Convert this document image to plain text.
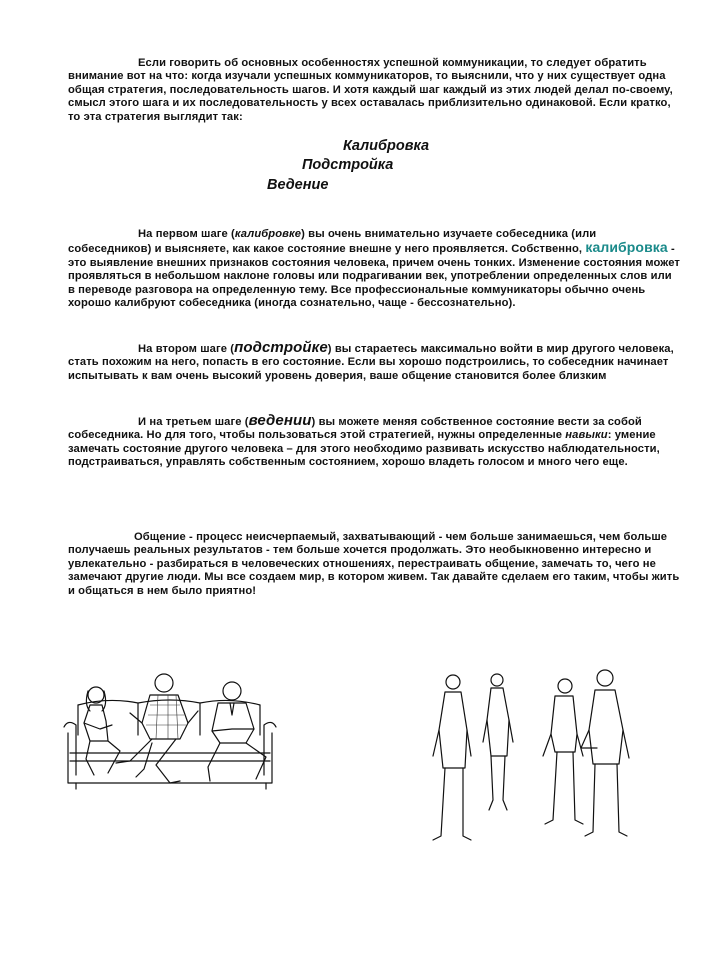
Если говорить об основных особенностях успешной коммуникации, то следует обратить внимание вот на что: когда изучали успешных коммуникаторов, то выяснили, что у них существует одна общая стратегия, последовательность шагов. И хотя каждый шаг каждый из этих людей делал по-своему, смысл этого шага и их последовательность у всех оставалась приблизительно одинаковой. Если кратко, то эта стратегия выглядит так:
Калибровка
Подстройка
Ведение
На первом шаге (калибровке) вы очень внимательно изучаете собеседника (или собеседников) и выясняете, как какое состояние внешне у него проявляется. Собственно, калибровка - это выявление внешних признаков состояния человека, причем очень тонких. Изменение состояния может проявляться в небольшом наклоне головы или подрагивании век, употреблении определенных слов или в переводе разговора на определенную тему. Все профессиональные коммуникаторы обычно очень хорошо калибруют собеседника (иногда сознательно, чаще - бессознательно).
На втором шаге (подстройке) вы стараетесь максимально войти в мир другого человека, стать похожим на него, попасть в его состояние. Если вы хорошо подстроились, то собеседник начинает испытывать к вам очень высокий уровень доверия, ваше общение становится более близким
И на третьем шаге (ведении) вы можете меняя собственное состояние вести за собой собеседника. Но для того, чтобы пользоваться этой стратегией, нужны определенные навыки: умение замечать состояние другого человека – для этого необходимо развивать искусство наблюдательности, подстраиваться, управлять собственным состоянием, хорошо владеть голосом и много чего еще.
Общение - процесс неисчерпаемый, захватывающий - чем больше занимаешься, чем больше получаешь реальных результатов - тем больше хочется продолжать. Это необыкновенно интересно и увлекательно - разбираться в человеческих отношениях, перестраивать общение, замечать то, чего не замечают другие люди. Мы все создаем мир, в котором живем. Так давайте сделаем его таким, чтобы жить и общаться в нем было приятно!
